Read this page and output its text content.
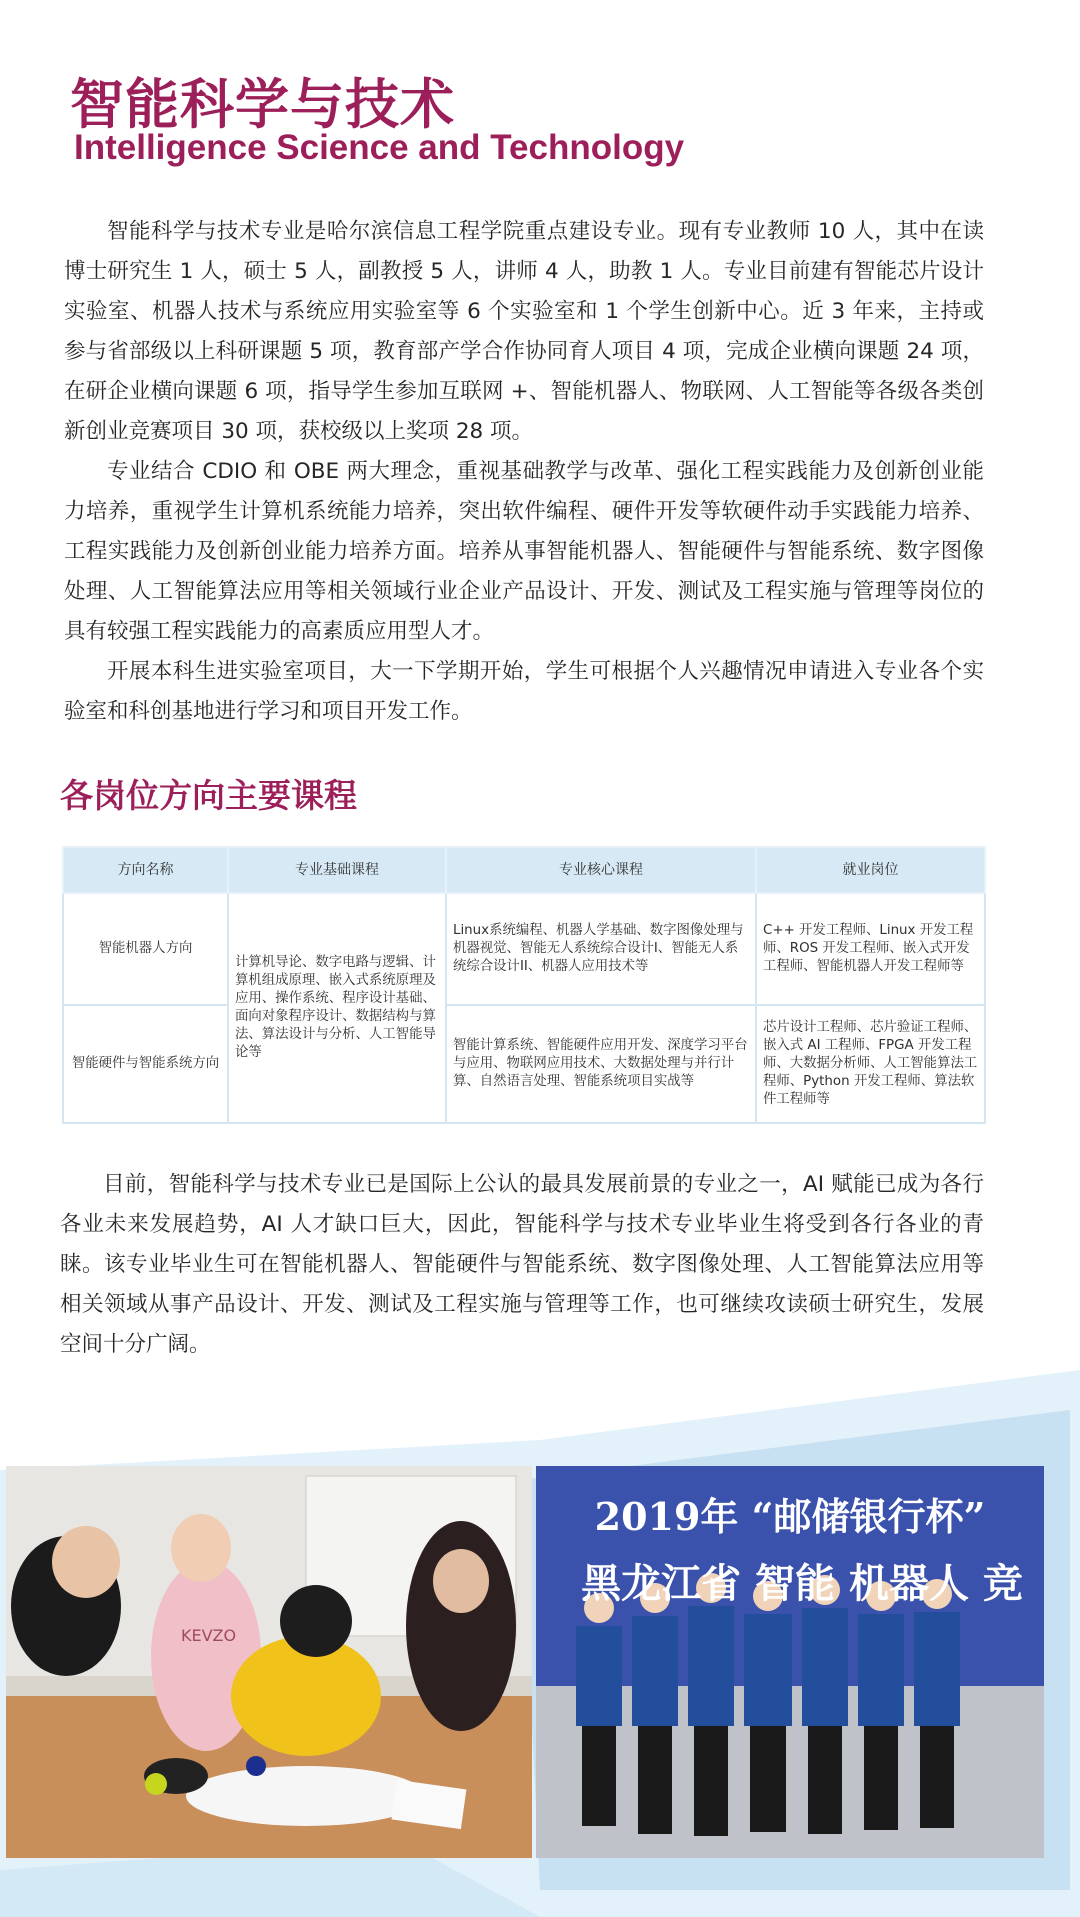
智能科学与技术
Intelligence Science and Technology

智能科学与技术专业是哈尔滨信息工程学院重点建设专业。现有专业教师 10 人，其中在读博士研究生 1 人，硕士 5 人，副教授 5 人，讲师 4 人，助教 1 人。专业目前建有智能芯片设计实验室、机器人技术与系统应用实验室等 6 个实验室和 1 个学生创新中心。近 3 年来，主持或参与省部级以上科研课题 5 项，教育部产学合作协同育人项目 4 项，完成企业横向课题 24 项，在研企业横向课题 6 项，指导学生参加互联网 +、智能机器人、物联网、人工智能等各级各类创新创业竞赛项目 30 项，获校级以上奖项 28 项。

专业结合 CDIO 和 OBE 两大理念，重视基础教学与改革、强化工程实践能力及创新创业能力培养，重视学生计算机系统能力培养，突出软件编程、硬件开发等软硬件动手实践能力培养、工程实践能力及创新创业能力培养方面。培养从事智能机器人、智能硬件与智能系统、数字图像处理、人工智能算法应用等相关领域行业企业产品设计、开发、测试及工程实施与管理等岗位的具有较强工程实践能力的高素质应用型人才。

开展本科生进实验室项目，大一下学期开始，学生可根据个人兴趣情况申请进入专业各个实验室和科创基地进行学习和项目开发工作。

各岗位方向主要课程
方向名称	专业基础课程	专业核心课程	就业岗位
智能机器人方向	计算机导论、数字电路与逻辑、计算机组成原理、嵌入式系统原理及应用、操作系统、程序设计基础、面向对象程序设计、数据结构与算法、算法设计与分析、人工智能导论等	Linux系统编程、机器人学基础、数字图像处理与机器视觉、智能无人系统综合设计I、智能无人系统综合设计II、机器人应用技术等	C++ 开发工程师、Linux 开发工程师、ROS 开发工程师、嵌入式开发工程师、智能机器人开发工程师等
智能硬件与智能系统方向		智能计算系统、智能硬件应用开发、深度学习平台与应用、物联网应用技术、大数据处理与并行计算、自然语言处理、智能系统项目实战等	芯片设计工程师、芯片验证工程师、嵌入式 AI 工程师、FPGA 开发工程师、大数据分析师、人工智能算法工程师、Python 开发工程师、算法软件工程师等

目前，智能科学与技术专业已是国际上公认的最具发展前景的专业之一，AI 赋能已成为各行各业未来发展趋势，AI 人才缺口巨大，因此，智能科学与技术专业毕业生将受到各行各业的青睐。该专业毕业生可在智能机器人、智能硬件与智能系统、数字图像处理、人工智能算法应用等相关领域从事产品设计、开发、测试及工程实施与管理等工作，也可继续攻读硕士研究生，发展空间十分广阔。

KEVZO
2019年 “邮储银行杯”
黑龙江省 智能 机器人 竞
